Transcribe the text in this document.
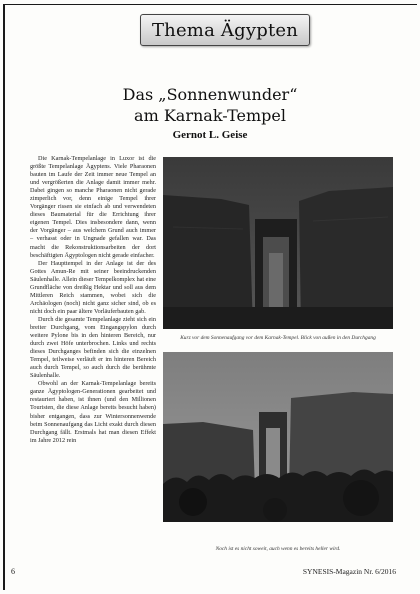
Thema Ägypten
Das „Sonnenwunder“
am Karnak-Tempel
Gernot L. Geise

Die Karnak-Tempelanlage in Luxor ist die größte Tempelanlage Ägyptens. Viele Pharaonen bauten im Laufe der Zeit immer neue Tempel an und vergrößerten die Anlage damit immer mehr. Dabei gingen so manche Pharaonen nicht gerade zimperlich vor, denn einige Tempel ihrer Vorgänger rissen sie einfach ab und verwendeten dieses Baumaterial für die Errichtung ihrer eigenen Tempel. Dies insbesondere dann, wenn der Vorgänger – aus welchem Grund auch immer – verhasst oder in Ungnade gefallen war. Das macht die Rekonstruktionsarbeiten der dort beschäftigten Ägyptologen nicht gerade einfacher.

Der Haupttempel in der Anlage ist der des Gottes Amun-Re mit seiner beeindruckenden Säulenhalle. Allein dieser Tempelkomplex hat eine Grundfläche von dreißig Hektar und soll aus dem Mittleren Reich stammen, wobei sich die Archäologen (noch) nicht ganz sicher sind, ob es nicht doch ein paar ältere Vorläuferbauten gab.

Durch die gesamte Tempelanlage zieht sich ein breiter Durchgang, vom Eingangspylon durch weitere Pylone bis in den hinteren Bereich, nur durch zwei Höfe unterbrochen. Links und rechts dieses Durchganges befinden sich die einzelnen Tempel, teilweise verläuft er im hinteren Bereich auch durch Tempel, so auch durch die berühmte Säulenhalle.

Obwohl an der Karnak-Tempelanlage bereits ganze Ägyptologen-Generationen gearbeitet und restauriert haben, ist ihnen (und den Millionen Touristen, die diese Anlage bereits besucht haben) bisher entgangen, dass zur Wintersonnenwende beim Sonnenaufgang das Licht exakt durch diesen Durchgang fällt. Erstmals hat man diesen Effekt im Jahre 2012 rein

Kurz vor dem Sonnenaufgang vor dem Karnak-Tempel. Blick von außen in den Durchgang
Noch ist es nicht soweit, auch wenn es bereits heller wird.
6	SYNESIS-Magazin Nr. 6/2016
